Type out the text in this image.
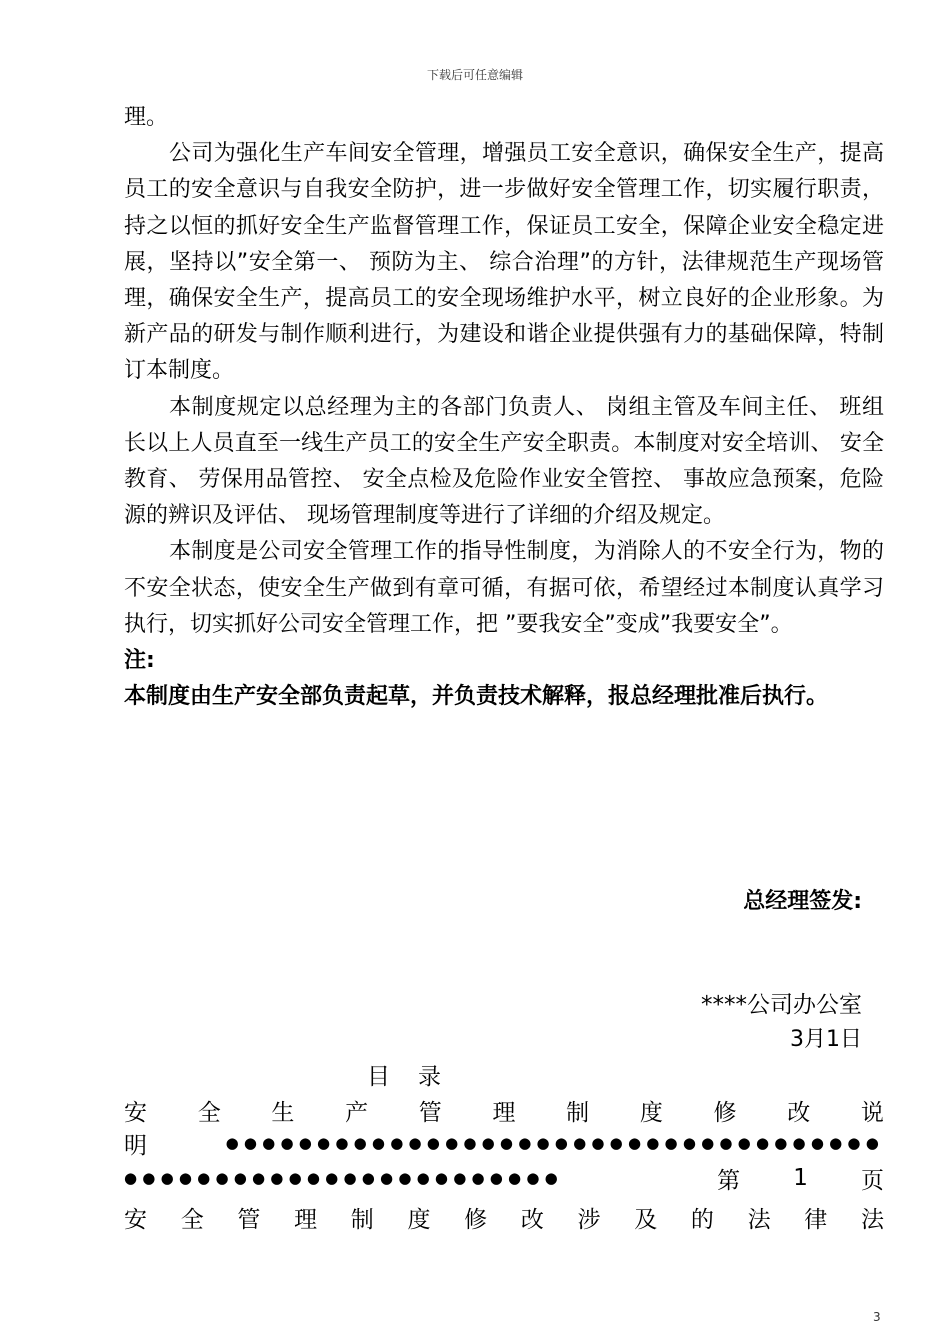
下载后可任意编辑

理。

公司为强化生产车间安全管理，增强员工安全意识，确保安全生产，提高员工的安全意识与自我安全防护，进一步做好安全管理工作，切实履行职责，持之以恒的抓好安全生产监督管理工作，保证员工安全，保障企业安全稳定进展，坚持以”安全第一、 预防为主、 综合治理”的方针，法律规范生产现场管理，确保安全生产，提高员工的安全现场维护水平，树立良好的企业形象。为新产品的研发与制作顺利进行，为建设和谐企业提供强有力的基础保障，特制订本制度。

本制度规定以总经理为主的各部门负责人、 岗组主管及车间主任、 班组长以上人员直至一线生产员工的安全生产安全职责。本制度对安全培训、 安全教育、 劳保用品管控、 安全点检及危险作业安全管控、 事故应急预案，危险源的辨识及评估、 现场管理制度等进行了详细的介绍及规定。

本制度是公司安全管理工作的指导性制度，为消除人的不安全行为，物的不安全状态，使安全生产做到有章可循，有据可依，希望经过本制度认真学习执行，切实抓好公司安全管理工作，把 ”要我安全”变成”我要安全”。

注:

本制度由生产安全部负责起草，并负责技术解释，报总经理批准后执行。

总经理签发:
****公司办公室
3月1日
目录
安 全 生 产 管 理 制 度 修 改 说
明	●●●●●●●●●●●●●●●●●●●●●●●●●●●●●●●●●●●●
●●●●●●●●●●●●●●●●●●●●●●●●	第 1 页
安 全 管 理 制 度 修 改 涉 及 的 法 律 法
3
